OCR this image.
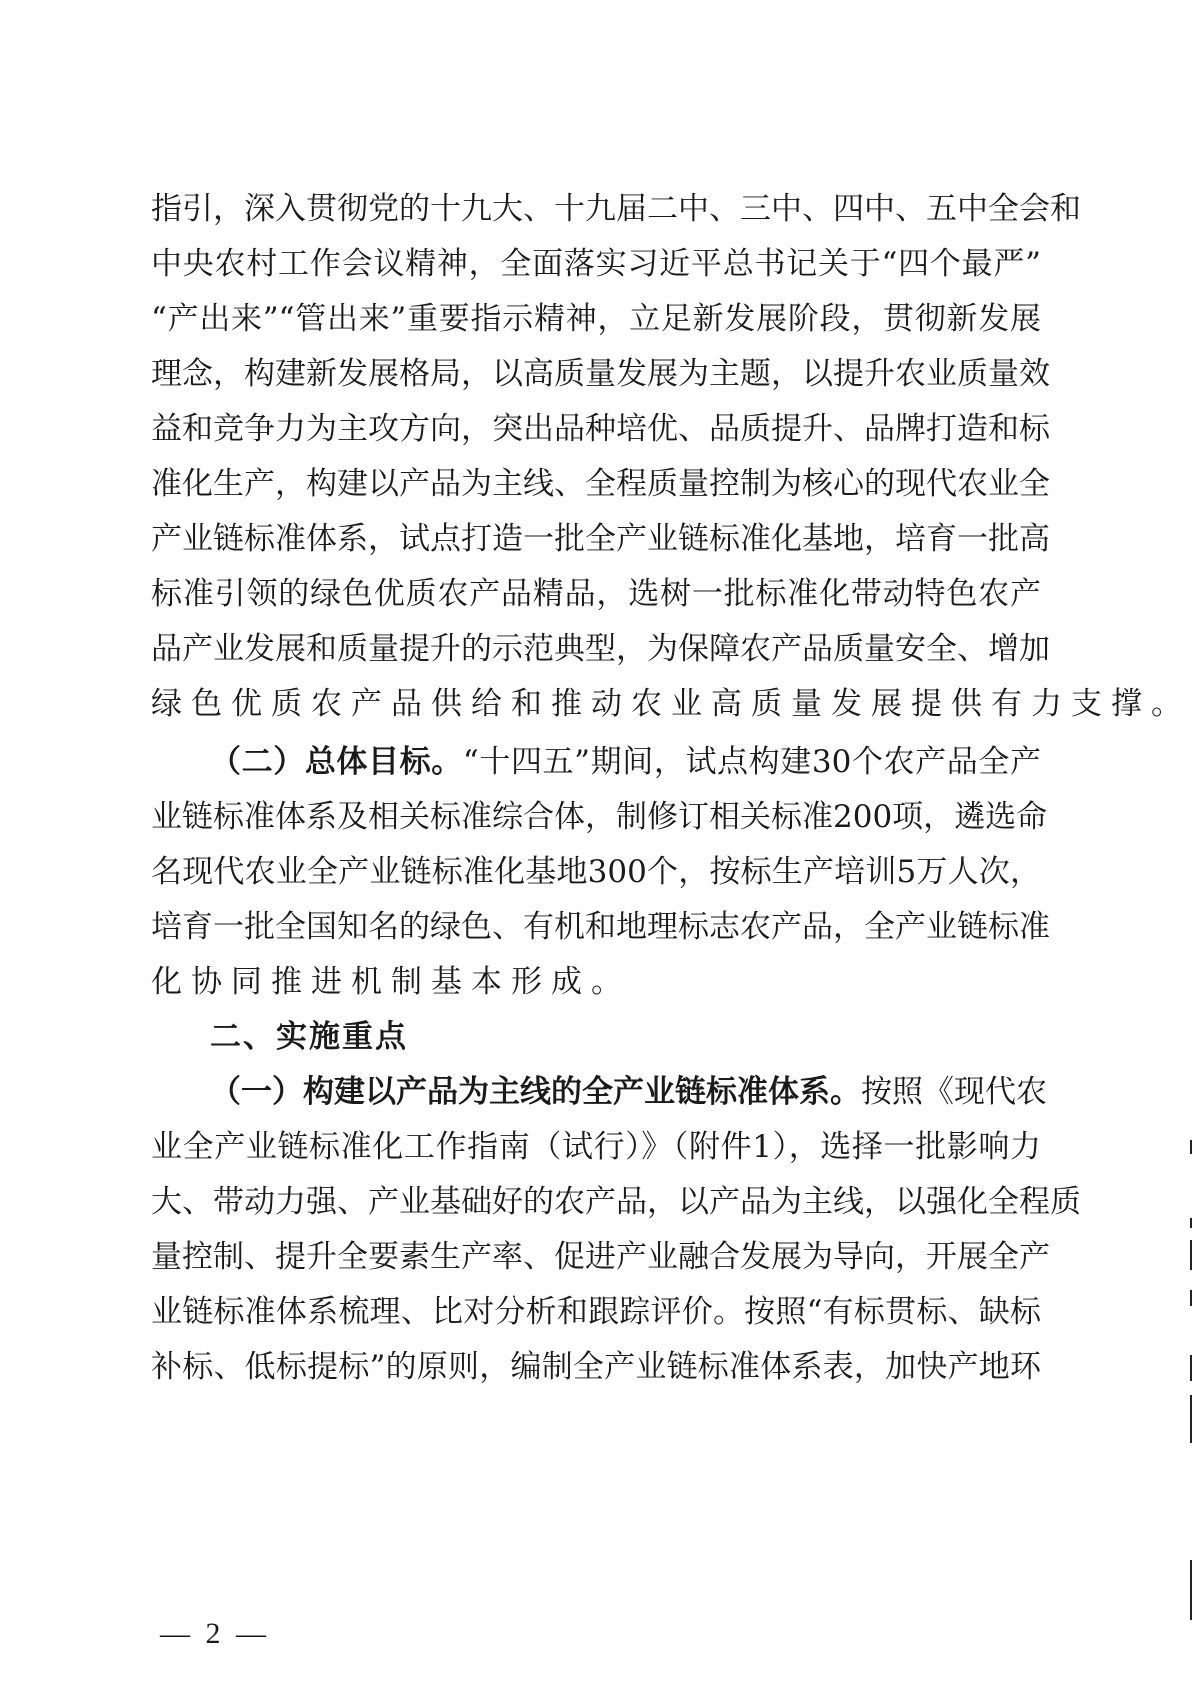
指引，深入贯彻党的十九大、十九届二中、三中、四中、五中全会和
中央农村工作会议精神，全面落实习近平总书记关于“四个最严”
“产出来”“管出来”重要指示精神，立足新发展阶段，贯彻新发展
理念，构建新发展格局，以高质量发展为主题，以提升农业质量效
益和竞争力为主攻方向，突出品种培优、品质提升、品牌打造和标
准化生产，构建以产品为主线、全程质量控制为核心的现代农业全
产业链标准体系，试点打造一批全产业链标准化基地，培育一批高
标准引领的绿色优质农产品精品，选树一批标准化带动特色农产
品产业发展和质量提升的示范典型，为保障农产品质量安全、增加
绿色优质农产品供给和推动农业高质量发展提供有力支撑。
（二）总体目标。“十四五”期间，试点构建30个农产品全产
业链标准体系及相关标准综合体，制修订相关标准200项，遴选命
名现代农业全产业链标准化基地300个，按标生产培训5万人次，
培育一批全国知名的绿色、有机和地理标志农产品，全产业链标准
化协同推进机制基本形成。
二、实施重点
（一）构建以产品为主线的全产业链标准体系。按照《现代农
业全产业链标准化工作指南（试行）》（附件1），选择一批影响力
大、带动力强、产业基础好的农产品，以产品为主线，以强化全程质
量控制、提升全要素生产率、促进产业融合发展为导向，开展全产
业链标准体系梳理、比对分析和跟踪评价。按照“有标贯标、缺标
补标、低标提标”的原则，编制全产业链标准体系表，加快产地环
— 2 —
